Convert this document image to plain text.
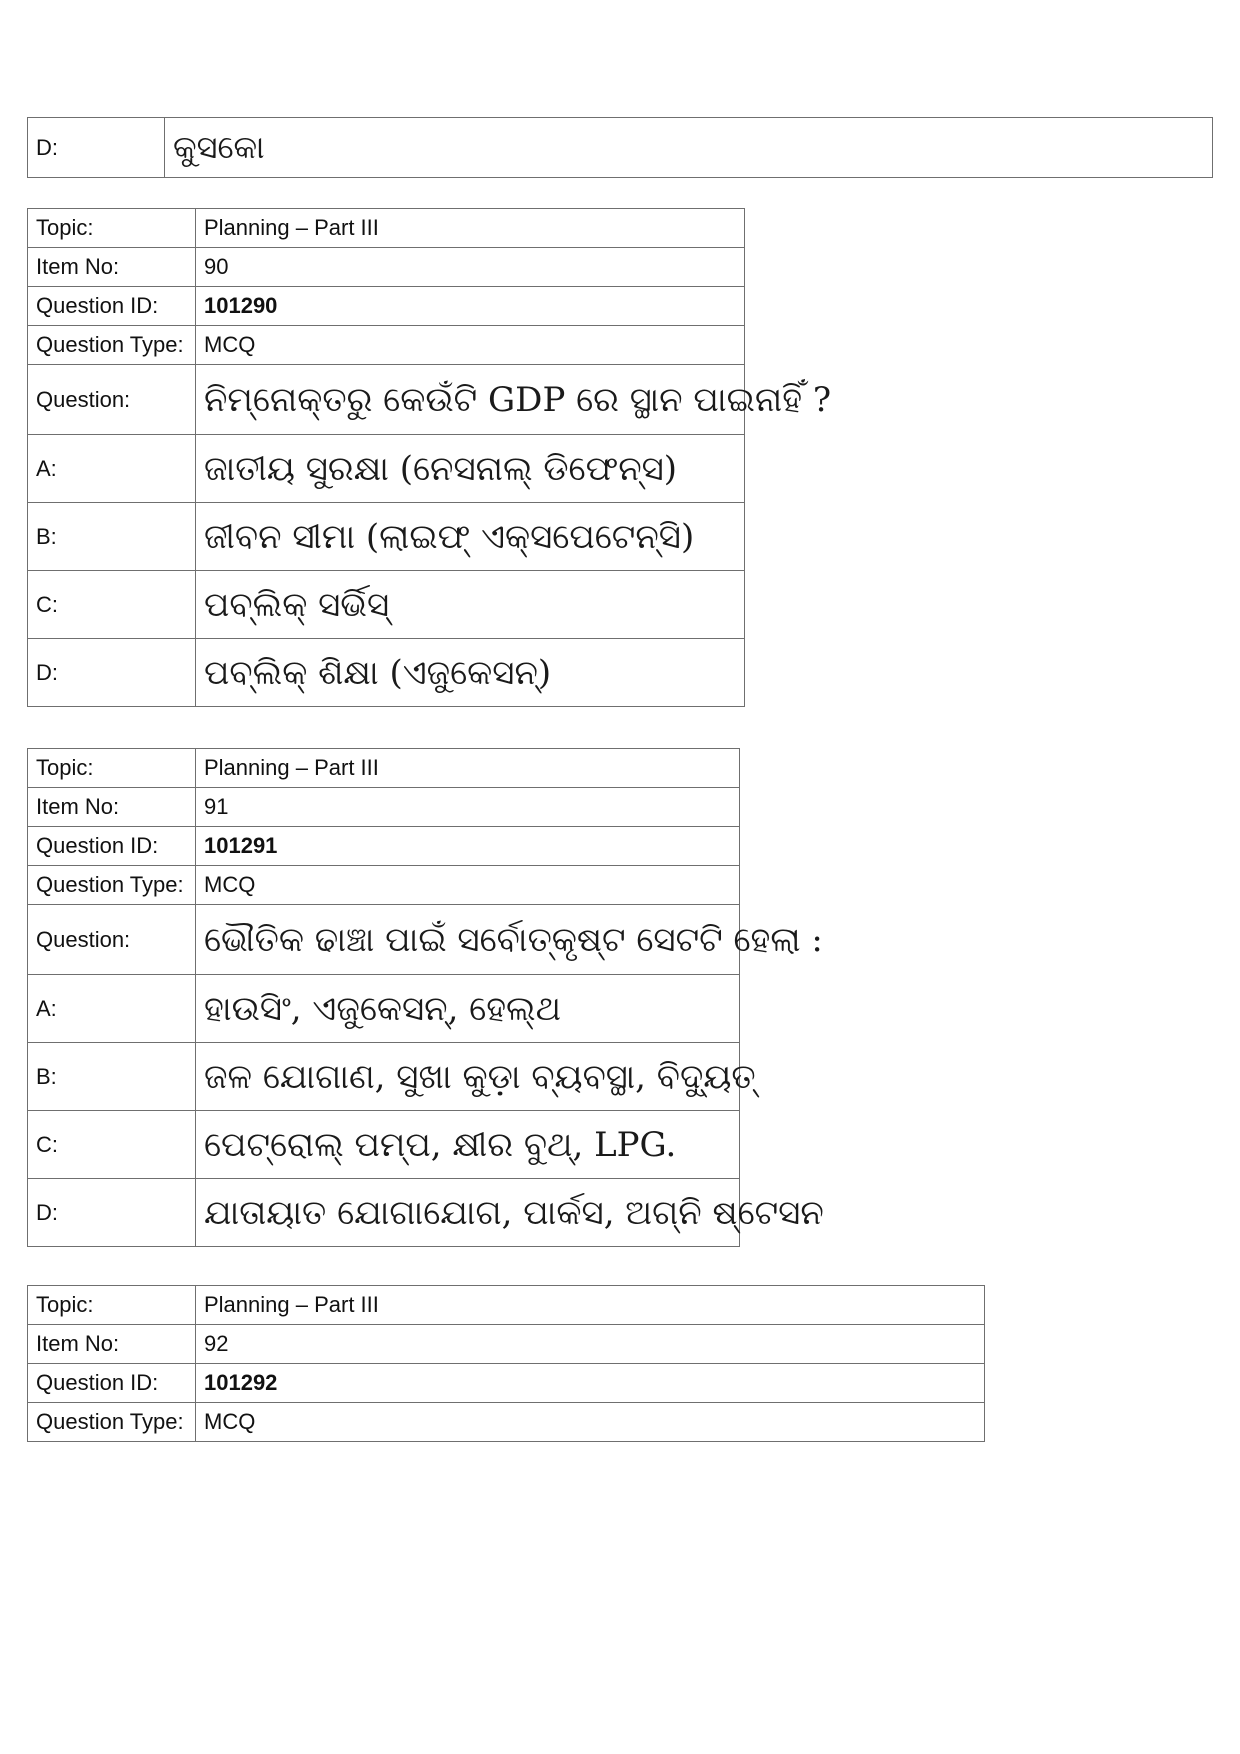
D:	କୁସକୋ
Topic:	Planning – Part III
Item No:	90
Question ID:	101290
Question Type:	MCQ
Question:	ନିମ୍ନୋକ୍ତରୁ କେଉଁଟି GDP ରେ ସ୍ଥାନ ପାଇନାହିଁ ?
A:	ଜାତୀୟ ସୁରକ୍ଷା (ନେସନାଲ୍ ଡିଫେନ୍ସ)
B:	ଜୀବନ ସୀମା (ଲାଇଫ୍ ଏକ୍ସପେଟେନ୍ସି)
C:	ପବ୍ଲିକ୍ ସର୍ଭିସ୍
D:	ପବ୍ଲିକ୍ ଶିକ୍ଷା (ଏଜୁକେସନ୍)
Topic:	Planning – Part III
Item No:	91
Question ID:	101291
Question Type:	MCQ
Question:	ଭୌତିକ ଢାଞ୍ଚା ପାଇଁ ସର୍ବୋତ୍କୃଷ୍ଟ ସେଟଟି ହେଲା :
A:	ହାଉସିଂ, ଏଜୁକେସନ୍, ହେଲ୍ଥ
B:	ଜଳ ଯୋଗାଣ, ସୁଖା କୁଡ଼ା ବ୍ୟବସ୍ଥା, ବିଦ୍ୟୁତ୍
C:	ପେଟ୍ରୋଲ୍ ପମ୍ପ, କ୍ଷୀର ବୁଥ୍, LPG.
D:	ଯାତାୟାତ ଯୋଗାଯୋଗ, ପାର୍କସ, ଅଗ୍ନି ଷ୍ଟେସନ
Topic:	Planning – Part III
Item No:	92
Question ID:	101292
Question Type:	MCQ
